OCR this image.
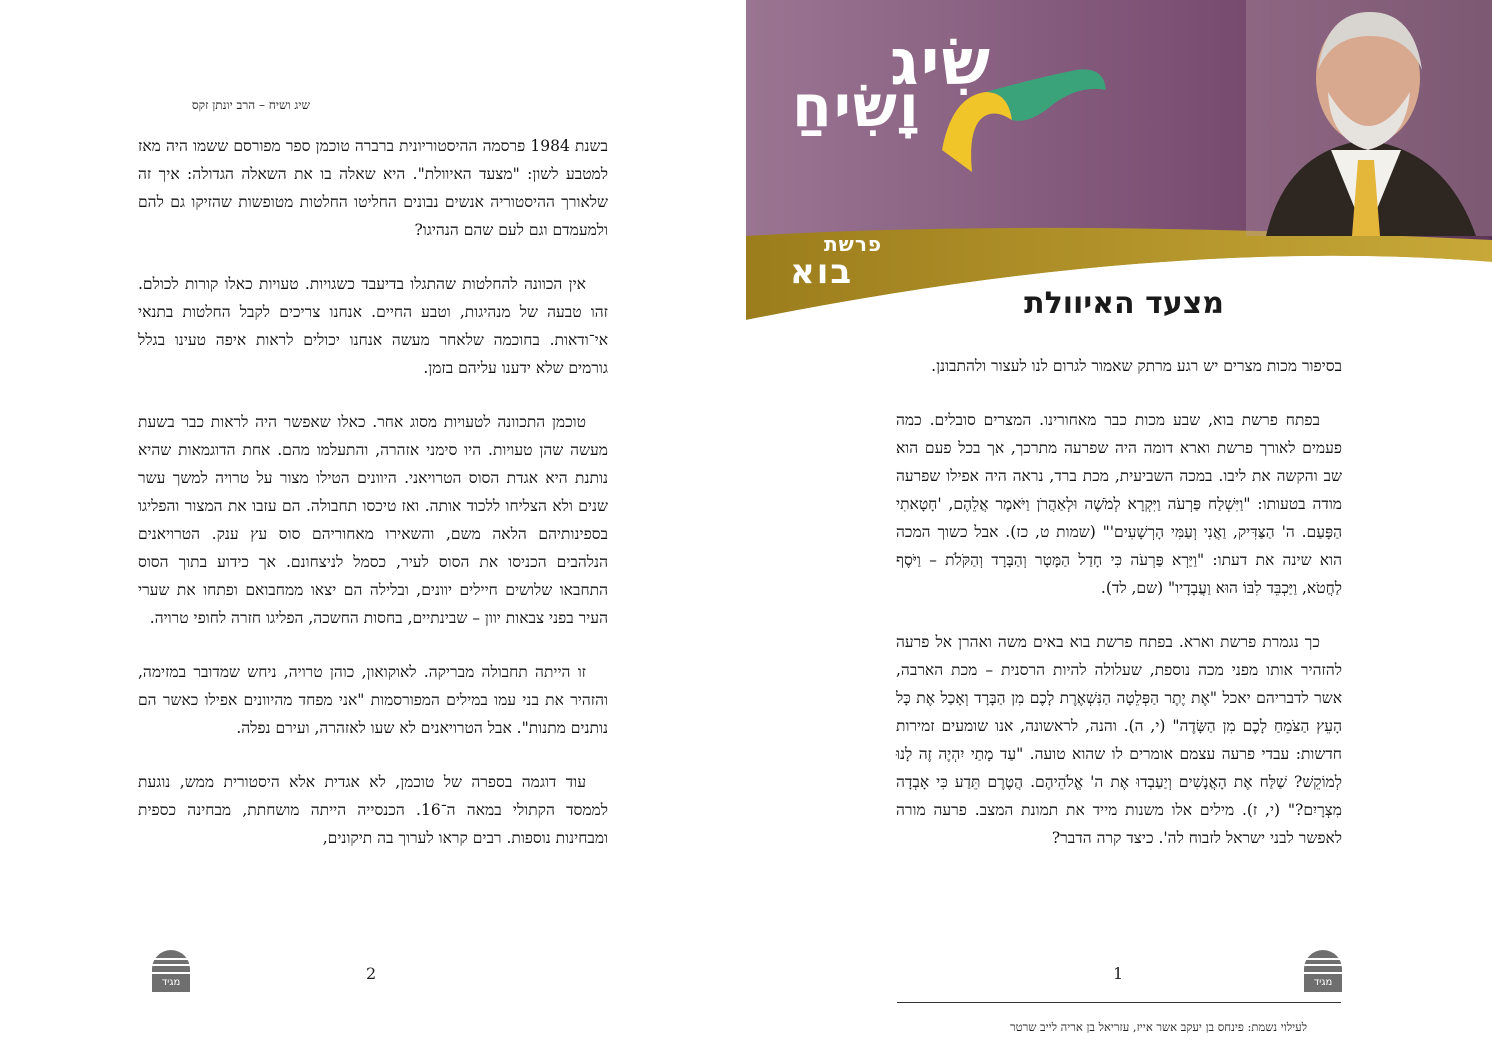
שיג ושיח – הרב יונתן זקס

בשנת 1984 פרסמה ההיסטוריונית ברברה טוכמן ספר מפורסם ששמו היה מאז למטבע לשון: "מצעד האיוולת". היא שאלה בו את השאלה הגדולה: איך זה שלאורך ההיסטוריה אנשים נבונים החליטו החלטות מטופשות שהזיקו גם להם ולמעמדם וגם לעם שהם הנהיגו?

אין הכוונה להחלטות שהתגלו בדיעבד כשגויות. טעויות כאלו קורות לכולם. זהו טבעה של מנהיגות, וטבע החיים. אנחנו צריכים לקבל החלטות בתנאי אי־ודאות. בחוכמה שלאחר מעשה אנחנו יכולים לראות איפה טעינו בגלל גורמים שלא ידענו עליהם בזמן.

טוכמן התכוונה לטעויות מסוג אחר. כאלו שאפשר היה לראות כבר בשעת מעשה שהן טעויות. היו סימני אזהרה, והתעלמו מהם. אחת הדוגמאות שהיא נותנת היא אגדת הסוס הטרויאני. היוונים הטילו מצור על טרויה למשך עשר שנים ולא הצליחו ללכוד אותה. ואז טיכסו תחבולה. הם עזבו את המצור והפליגו בספינותיהם הלאה משם, והשאירו מאחוריהם סוס עץ ענק. הטרויאנים הנלהבים הכניסו את הסוס לעיר, כסמל לניצחונם. אך כידוע בתוך הסוס התחבאו שלושים חיילים יוונים, ובלילה הם יצאו ממחבואם ופתחו את שערי העיר בפני צבאות יוון – שבינתיים, בחסות החשכה, הפליגו חזרה לחופי טרויה.

זו הייתה תחבולה מבריקה. לאוקואון, כוהן טרויה, ניחש שמדובר במזימה, והזהיר את בני עמו במילים המפורסמות "אני מפחד מהיוונים אפילו כאשר הם נותנים מתנות". אבל הטרויאנים לא שעו לאזהרה, ועירם נפלה.

עוד דוגמה בספרה של טוכמן, לא אגדית אלא היסטורית ממש, נוגעת לממסד הקתולי במאה ה־16. הכנסייה הייתה מושחתת, מבחינה כספית ומבחינות נוספות. רבים קראו לערוך בה תיקונים,

מגיד	2
שִׂיג
וָשִׂיחַ
פרשת
בוא
מצעד האיוולת

בסיפור מכות מצרים יש רגע מרתק שאמור לגרום לנו לעצור ולהתבונן.

בפתח פרשת בוא, שבע מכות כבר מאחורינו. המצרים סובלים. כמה פעמים לאורך פרשת וארא דומה היה שפרעה מתרכך, אך בכל פעם הוא שב והקשה את ליבו. במכה השביעית, מכת ברד, נראה היה אפילו שפרעה מודה בטעותו: "וַיִּשְׁלַח פַּרְעֹה וַיִּקְרָא לְמֹשֶׁה וּלְאַהֲרֹן וַיֹּאמֶר אֲלֵהֶם, 'חָטָאתִי הַפָּעַם. ה' הַצַּדִּיק, וַאֲנִי וְעַמִּי הָרְשָׁעִים'" (שמות ט, כז). אבל כשוך המכה הוא שינה את דעתו: "וַיַּרְא פַּרְעֹה כִּי חָדַל הַמָּטָר וְהַבָּרָד וְהַקֹּלֹת – וַיֹּסֶף לַחֲטֹא, וַיַּכְבֵּד לִבּוֹ הוּא וַעֲבָדָיו" (שם, לד).

כך נגמרת פרשת וארא. בפתח פרשת בוא באים משה ואהרן אל פרעה להזהיר אותו מפני מכה נוספת, שעלולה להיות הרסנית – מכת הארבה, אשר לדבריהם יאכל "אֶת יֶתֶר הַפְּלֵטָה הַנִּשְׁאֶרֶת לָכֶם מִן הַבָּרָד וְאָכַל אֶת כָּל הָעֵץ הַצֹּמֵחַ לָכֶם מִן הַשָּׂדֶה" (י, ה). והנה, לראשונה, אנו שומעים זמירות חדשות: עבדי פרעה עצמם אומרים לו שהוא טועה. "עַד מָתַי יִהְיֶה זֶה לָנוּ לְמוֹקֵשׁ? שַׁלַּח אֶת הָאֲנָשִׁים וְיַעַבְדוּ אֶת ה' אֱלֹהֵיהֶם. הֲטֶרֶם תֵּדַע כִּי אָבְדָה מִצְרָיִם?" (י, ז). מילים אלו משנות מייד את תמונת המצב. פרעה מורה לאפשר לבני ישראל לזבוח לה'. כיצד קרה הדבר?

1	מגיד
לעילוי נשמת: פינחס בן יעקב אשר אייז, עזריאל בן אריה לייב שרטר
